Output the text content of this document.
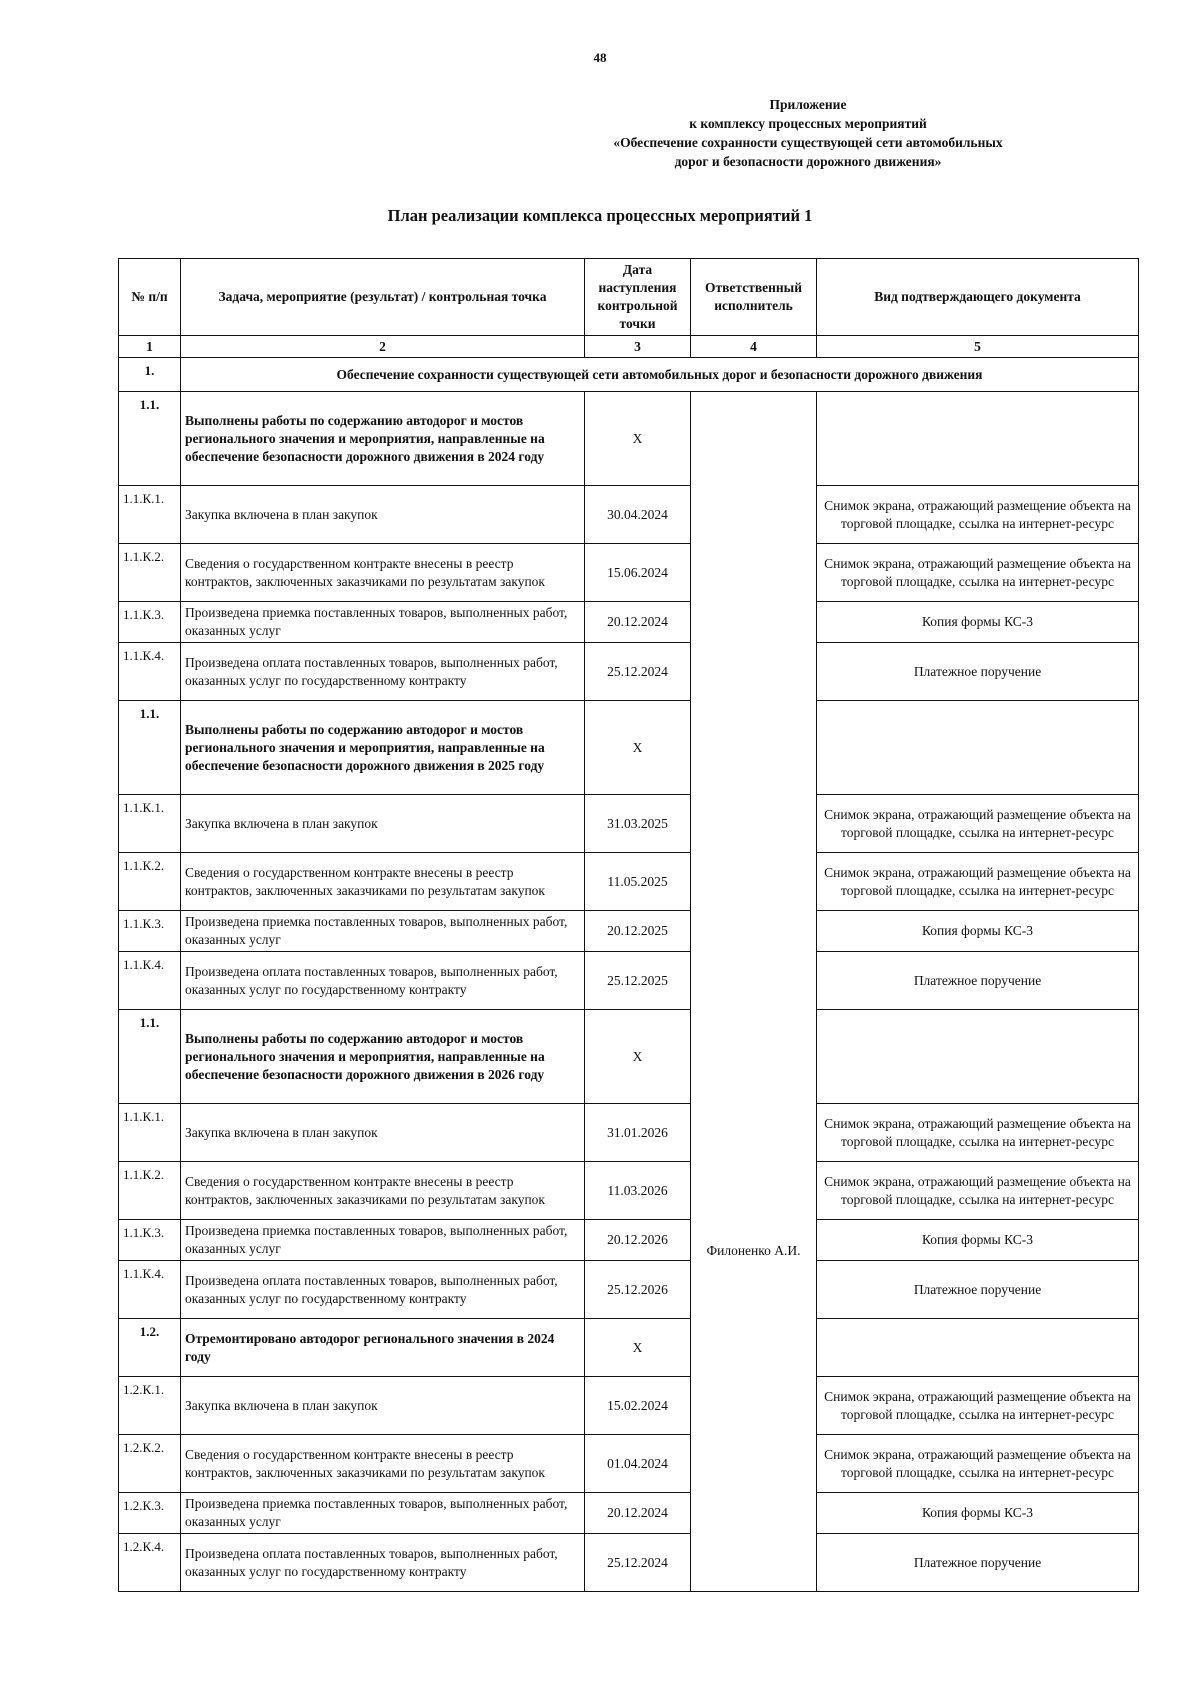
48
Приложение
к комплексу процессных мероприятий
«Обеспечение сохранности существующей сети автомобильных
дорог и безопасности дорожного движения»
План реализации комплекса процессных мероприятий 1
№ п/п	Задача, мероприятие (результат) / контрольная точка	Дата наступления контрольной точки	Ответственный исполнитель	Вид подтверждающего документа
1	2	3	4	5
1.	Обеспечение сохранности существующей сети автомобильных дорог и безопасности дорожного движения			
1.1.	Выполнены работы по содержанию автодорог и мостов регионального значения и мероприятия, направленные на обеспечение безопасности дорожного движения в 2024 году	X	Филоненко А.И.	
1.1.К.1.	Закупка включена в план закупок	30.04.2024		Снимок экрана, отражающий размещение объекта на торговой площадке, ссылка на интернет-ресурс
1.1.К.2.	Сведения о государственном контракте внесены в реестр контрактов, заключенных заказчиками по результатам закупок	15.06.2024		Снимок экрана, отражающий размещение объекта на торговой площадке, ссылка на интернет-ресурс
1.1.К.3.	Произведена приемка поставленных товаров, выполненных работ, оказанных услуг	20.12.2024		Копия формы КС-3
1.1.К.4.	Произведена оплата поставленных товаров, выполненных работ, оказанных услуг по государственному контракту	25.12.2024		Платежное поручение
1.1.	Выполнены работы по содержанию автодорог и мостов регионального значения и мероприятия, направленные на обеспечение безопасности дорожного движения в 2025 году	X		
1.1.К.1.	Закупка включена в план закупок	31.03.2025		Снимок экрана, отражающий размещение объекта на торговой площадке, ссылка на интернет-ресурс
1.1.К.2.	Сведения о государственном контракте внесены в реестр контрактов, заключенных заказчиками по результатам закупок	11.05.2025		Снимок экрана, отражающий размещение объекта на торговой площадке, ссылка на интернет-ресурс
1.1.К.3.	Произведена приемка поставленных товаров, выполненных работ, оказанных услуг	20.12.2025		Копия формы КС-3
1.1.К.4.	Произведена оплата поставленных товаров, выполненных работ, оказанных услуг по государственному контракту	25.12.2025		Платежное поручение
1.1.	Выполнены работы по содержанию автодорог и мостов регионального значения и мероприятия, направленные на обеспечение безопасности дорожного движения в 2026 году	X		
1.1.К.1.	Закупка включена в план закупок	31.01.2026		Снимок экрана, отражающий размещение объекта на торговой площадке, ссылка на интернет-ресурс
1.1.К.2.	Сведения о государственном контракте внесены в реестр контрактов, заключенных заказчиками по результатам закупок	11.03.2026		Снимок экрана, отражающий размещение объекта на торговой площадке, ссылка на интернет-ресурс
1.1.К.3.	Произведена приемка поставленных товаров, выполненных работ, оказанных услуг	20.12.2026		Копия формы КС-3
1.1.К.4.	Произведена оплата поставленных товаров, выполненных работ, оказанных услуг по государственному контракту	25.12.2026		Платежное поручение
1.2.	Отремонтировано автодорог регионального значения в 2024 году	X		
1.2.К.1.	Закупка включена в план закупок	15.02.2024		Снимок экрана, отражающий размещение объекта на торговой площадке, ссылка на интернет-ресурс
1.2.К.2.	Сведения о государственном контракте внесены в реестр контрактов, заключенных заказчиками по результатам закупок	01.04.2024		Снимок экрана, отражающий размещение объекта на торговой площадке, ссылка на интернет-ресурс
1.2.К.3.	Произведена приемка поставленных товаров, выполненных работ, оказанных услуг	20.12.2024		Копия формы КС-3
1.2.К.4.	Произведена оплата поставленных товаров, выполненных работ, оказанных услуг по государственному контракту	25.12.2024		Платежное поручение
